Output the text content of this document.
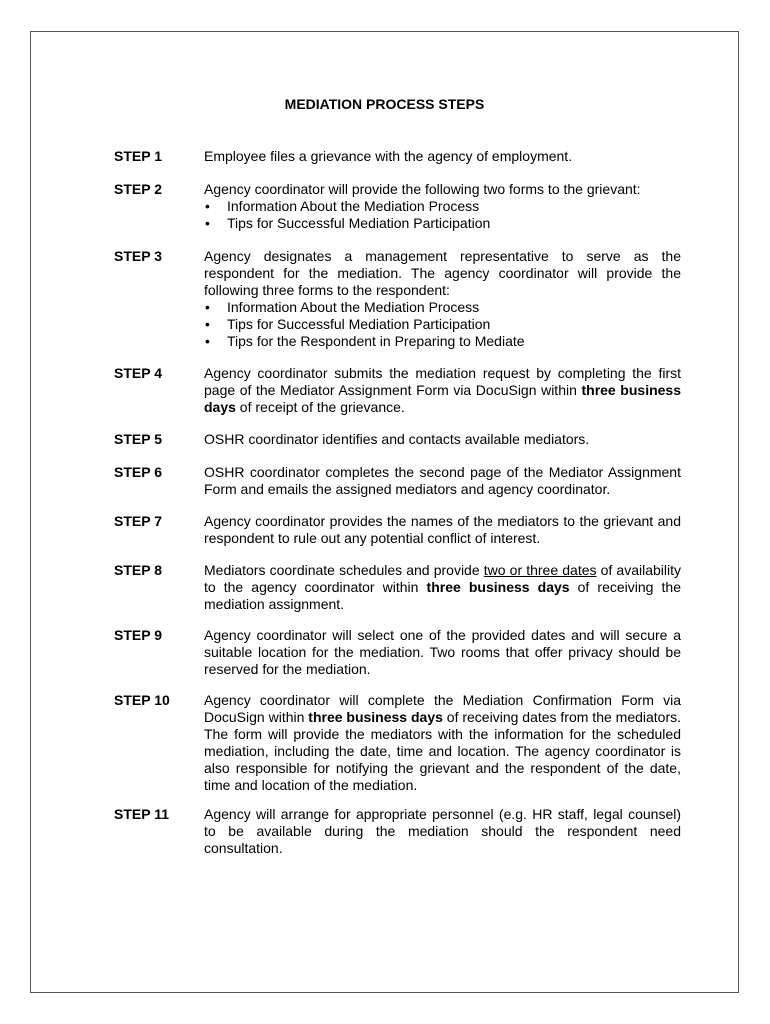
MEDIATION PROCESS STEPS
STEP 1	Employee files a grievance with the agency of employment.

STEP 2	Agency coordinator will provide the following two forms to the grievant:

• Information About the Mediation Process
• Tips for Successful Mediation Participation
STEP 3	Agency designates a management representative to serve as the respondent for the mediation. The agency coordinator will provide the following three forms to the respondent:

• Information About the Mediation Process
• Tips for Successful Mediation Participation
• Tips for the Respondent in Preparing to Mediate
STEP 4	Agency coordinator submits the mediation request by completing the first page of the Mediator Assignment Form via DocuSign within three business days of receipt of the grievance.

STEP 5	OSHR coordinator identifies and contacts available mediators.

STEP 6	OSHR coordinator completes the second page of the Mediator Assignment Form and emails the assigned mediators and agency coordinator.

STEP 7	Agency coordinator provides the names of the mediators to the grievant and respondent to rule out any potential conflict of interest.

STEP 8	Mediators coordinate schedules and provide two or three dates of availability to the agency coordinator within three business days of receiving the mediation assignment.

STEP 9	Agency coordinator will select one of the provided dates and will secure a suitable location for the mediation. Two rooms that offer privacy should be reserved for the mediation.

STEP 10	Agency coordinator will complete the Mediation Confirmation Form via DocuSign within three business days of receiving dates from the mediators. The form will provide the mediators with the information for the scheduled mediation, including the date, time and location. The agency coordinator is also responsible for notifying the grievant and the respondent of the date, time and location of the mediation.

STEP 11	Agency will arrange for appropriate personnel (e.g. HR staff, legal counsel) to be available during the mediation should the respondent need consultation.
